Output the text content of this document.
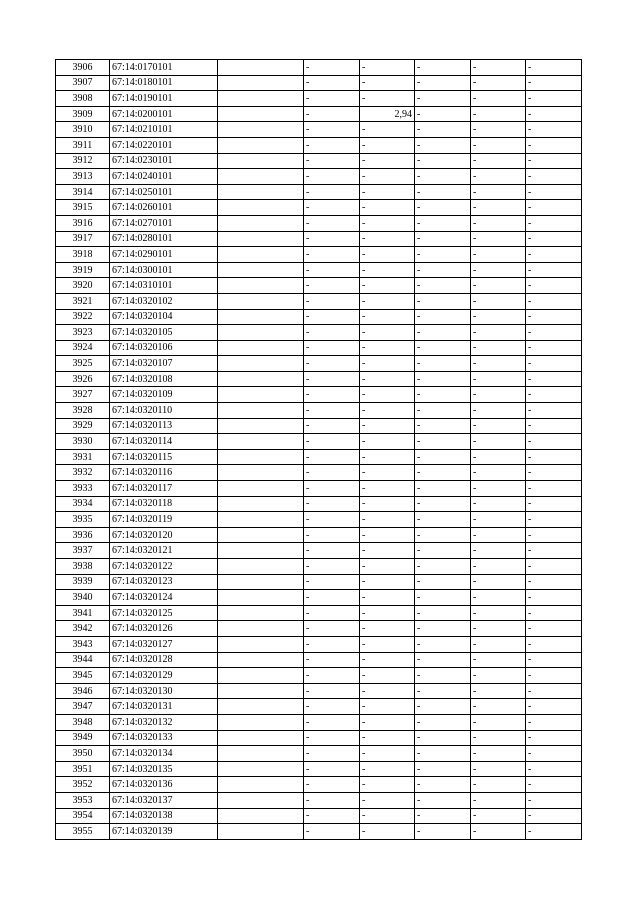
3906	67:14:0170101		-	-	-	-	-
3907	67:14:0180101		-	-	-	-	-
3908	67:14:0190101		-	-	-	-	-
3909	67:14:0200101		-	2,94	-	-	-
3910	67:14:0210101		-	-	-	-	-
3911	67:14:0220101		-	-	-	-	-
3912	67:14:0230101		-	-	-	-	-
3913	67:14:0240101		-	-	-	-	-
3914	67:14:0250101		-	-	-	-	-
3915	67:14:0260101		-	-	-	-	-
3916	67:14:0270101		-	-	-	-	-
3917	67:14:0280101		-	-	-	-	-
3918	67:14:0290101		-	-	-	-	-
3919	67:14:0300101		-	-	-	-	-
3920	67:14:0310101		-	-	-	-	-
3921	67:14:0320102		-	-	-	-	-
3922	67:14:0320104		-	-	-	-	-
3923	67:14:0320105		-	-	-	-	-
3924	67:14:0320106		-	-	-	-	-
3925	67:14:0320107		-	-	-	-	-
3926	67:14:0320108		-	-	-	-	-
3927	67:14:0320109		-	-	-	-	-
3928	67:14:0320110		-	-	-	-	-
3929	67:14:0320113		-	-	-	-	-
3930	67:14:0320114		-	-	-	-	-
3931	67:14:0320115		-	-	-	-	-
3932	67:14:0320116		-	-	-	-	-
3933	67:14:0320117		-	-	-	-	-
3934	67:14:0320118		-	-	-	-	-
3935	67:14:0320119		-	-	-	-	-
3936	67:14:0320120		-	-	-	-	-
3937	67:14:0320121		-	-	-	-	-
3938	67:14:0320122		-	-	-	-	-
3939	67:14:0320123		-	-	-	-	-
3940	67:14:0320124		-	-	-	-	-
3941	67:14:0320125		-	-	-	-	-
3942	67:14:0320126		-	-	-	-	-
3943	67:14:0320127		-	-	-	-	-
3944	67:14:0320128		-	-	-	-	-
3945	67:14:0320129		-	-	-	-	-
3946	67:14:0320130		-	-	-	-	-
3947	67:14:0320131		-	-	-	-	-
3948	67:14:0320132		-	-	-	-	-
3949	67:14:0320133		-	-	-	-	-
3950	67:14:0320134		-	-	-	-	-
3951	67:14:0320135		-	-	-	-	-
3952	67:14:0320136		-	-	-	-	-
3953	67:14:0320137		-	-	-	-	-
3954	67:14:0320138		-	-	-	-	-
3955	67:14:0320139		-	-	-	-	-
